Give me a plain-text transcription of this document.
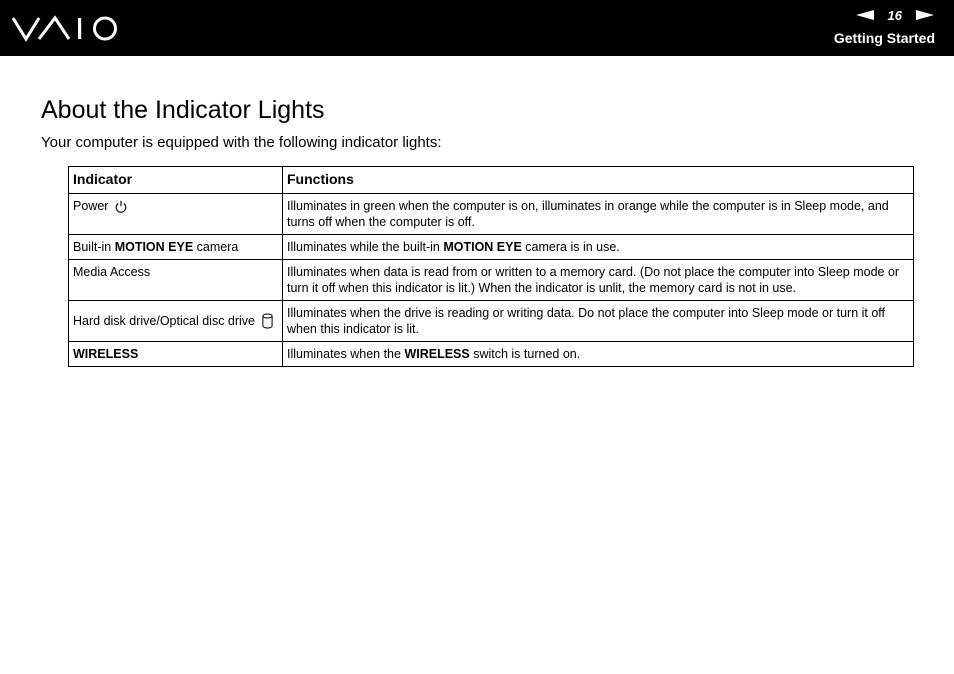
16
Getting Started
About the Indicator Lights

Your computer is equipped with the following indicator lights:

Indicator	Functions
Power	Illuminates in green when the computer is on, illuminates in orange while the computer is in Sleep mode, and turns off when the computer is off.
Built-in MOTION EYE camera	Illuminates while the built-in MOTION EYE camera is in use.
Media Access	Illuminates when data is read from or written to a memory card. (Do not place the computer into Sleep mode or turn it off when this indicator is lit.) When the indicator is unlit, the memory card is not in use.
Hard disk drive/Optical disc drive	Illuminates when the drive is reading or writing data. Do not place the computer into Sleep mode or turn it off when this indicator is lit.
WIRELESS	Illuminates when the WIRELESS switch is turned on.
